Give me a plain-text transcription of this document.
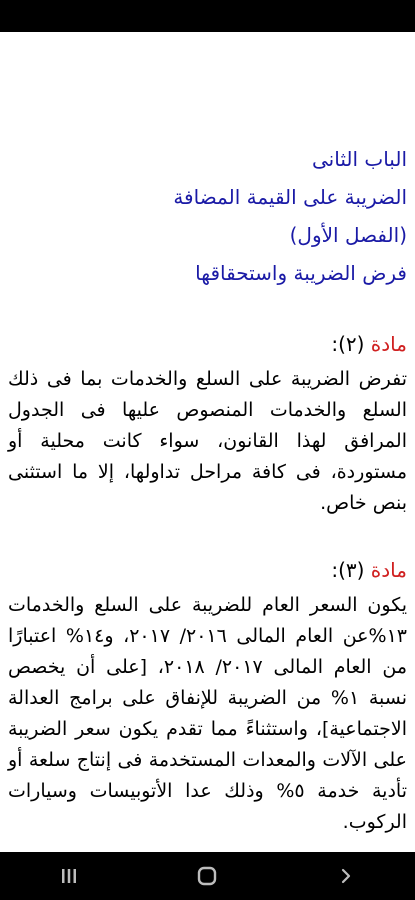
الباب الثانى
الضريبة على القيمة المضافة
(الفصل الأول)
فرض الضريبة واستحقاقها
مادة (٢):
تفرض الضريبة على السلع والخدمات بما فى ذلك السلع والخدمات المنصوص عليها فى الجدول المرافق لهذا القانون، سواء كانت محلية أو مستوردة، فى كافة مراحل تداولها، إلا ما استثنى بنص خاص.
مادة (٣):
يكون السعر العام للضريبة على السلع والخدمات ١٣%عن العام المالى ٢٠١٦/ ٢٠١٧، و١٤% اعتبارًا من العام المالى ٢٠١٧/ ٢٠١٨، [على أن يخصص نسبة ١% من الضريبة للإنفاق على برامج العدالة الاجتماعية]، واستثناءً مما تقدم يكون سعر الضريبة على الآلات والمعدات المستخدمة فى إنتاج سلعة أو تأدية خدمة ٥% وذلك عدا الأتوبيسات وسيارات الركوب.
